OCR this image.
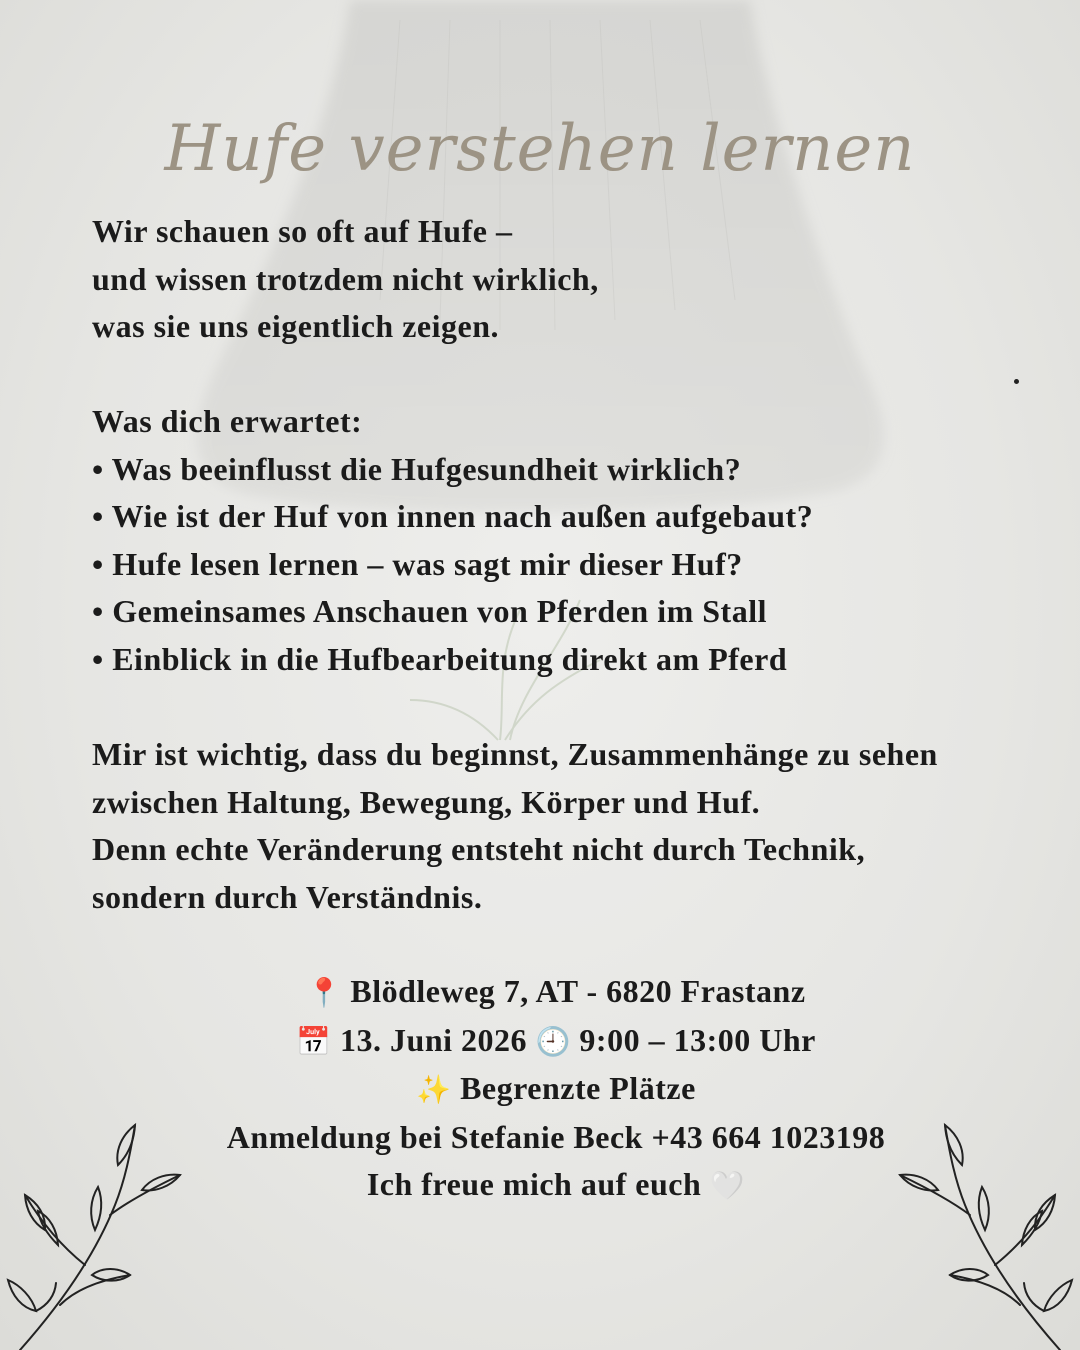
Hufe verstehen lernen
Wir schauen so oft auf Hufe –
und wissen trotzdem nicht wirklich,
was sie uns eigentlich zeigen.
Was dich erwartet:
• Was beeinflusst die Hufgesundheit wirklich?
• Wie ist der Huf von innen nach außen aufgebaut?
• Hufe lesen lernen – was sagt mir dieser Huf?
• Gemeinsames Anschauen von Pferden im Stall
• Einblick in die Hufbearbeitung direkt am Pferd
Mir ist wichtig, dass du beginnst, Zusammenhänge zu sehen
zwischen Haltung, Bewegung, Körper und Huf.
Denn echte Veränderung entsteht nicht durch Technik,
sondern durch Verständnis.
📍 Blödleweg 7, AT - 6820 Frastanz
📅 13. Juni 2026 🕘 9:00 – 13:00 Uhr
✨ Begrenzte Plätze
Anmeldung bei Stefanie Beck +43 664 1023198
Ich freue mich auf euch 🤍
